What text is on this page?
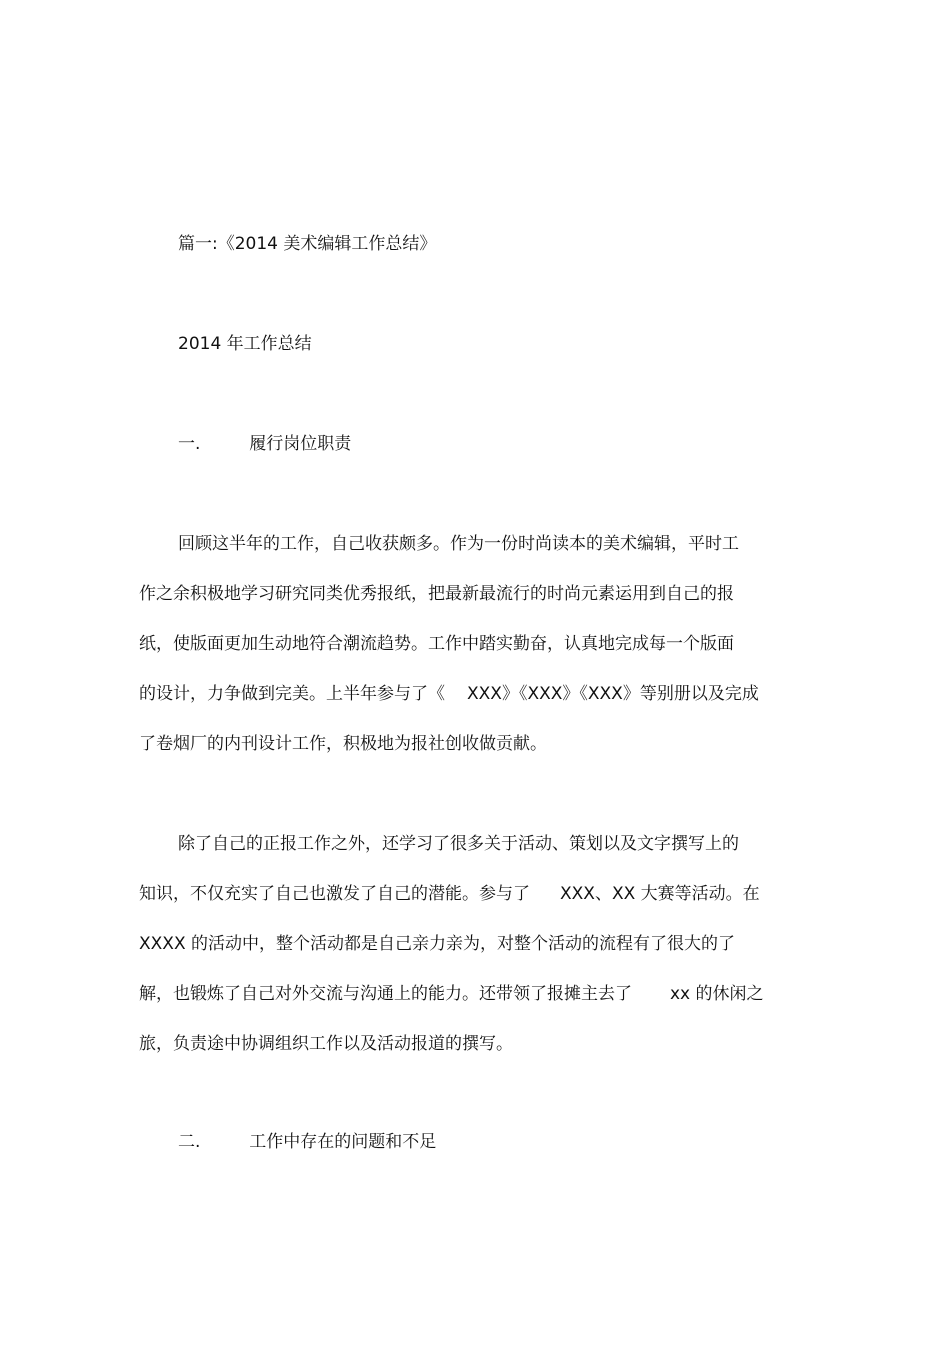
篇一:《2014 美术编辑工作总结》
2014 年工作总结
一.	履行岗位职责
回顾这半年的工作，自己收获颇多。作为一份时尚读本的美术编辑，平时工
作之余积极地学习研究同类优秀报纸，把最新最流行的时尚元素运用到自己的报
纸，使版面更加生动地符合潮流趋势。工作中踏实勤奋，认真地完成每一个版面
的设计，力争做到完美。上半年参与了《 XXX》《XXX》《XXX》等别册以及完成
了卷烟厂的内刊设计工作，积极地为报社创收做贡献。
除了自己的正报工作之外，还学习了很多关于活动、策划以及文字撰写上的
知识，不仅充实了自己也激发了自己的潜能。参与了 XXX、XX 大赛等活动。在
XXXX 的活动中，整个活动都是自己亲力亲为，对整个活动的流程有了很大的了
解，也锻炼了自己对外交流与沟通上的能力。还带领了报摊主去了 xx 的休闲之
旅，负责途中协调组织工作以及活动报道的撰写。
二.	工作中存在的问题和不足
